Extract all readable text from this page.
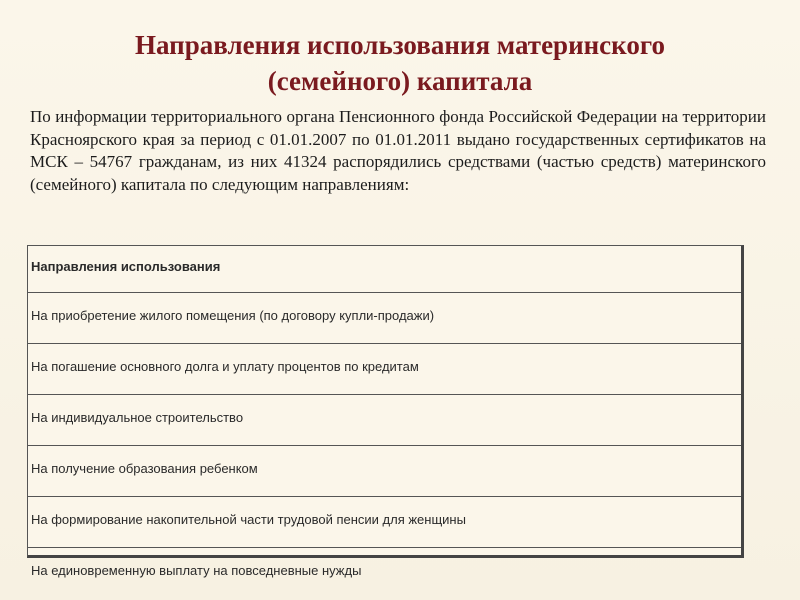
Направления использования материнского
(семейного) капитала

По информации территориального органа Пенсионного фонда Российской Федерации на территории Красноярского края за период с 01.01.2007 по 01.01.2011 выдано государственных сертификатов на МСК – 54767 гражданам, из них 41324 распорядились средствами (частью средств) материнского (семейного) капитала по следующим направлениям:

Направления использования
На приобретение жилого помещения (по договору купли-продажи)
На погашение основного долга и уплату процентов по кредитам
На индивидуальное строительство
На получение образования ребенком
На формирование накопительной части трудовой пенсии для женщины
На единовременную выплату на повседневные нужды
